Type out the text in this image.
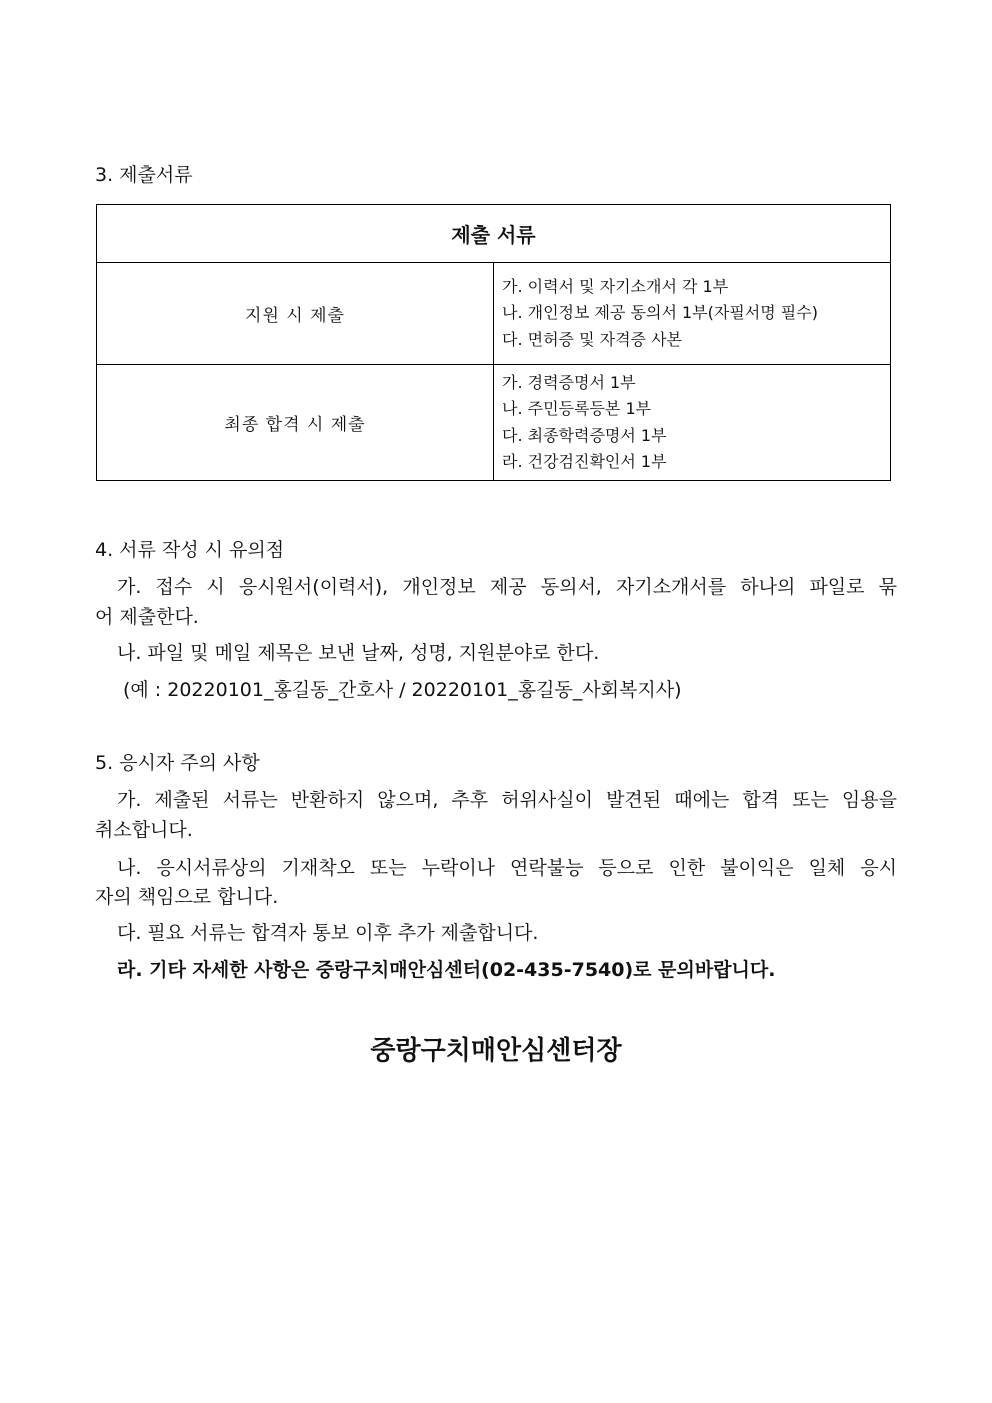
3. 제출서류
제출 서류	
지원 시 제출	가. 이력서 및 자기소개서 각 1부
나. 개인정보 제공 동의서 1부(자필서명 필수)
다. 면허증 및 자격증 사본

최종 합격 시 제출	가. 경력증명서 1부
나. 주민등록등본 1부
다. 최종학력증명서 1부
라. 건강검진확인서 1부
4. 서류 작성 시 유의점
가. 접수 시 응시원서(이력서), 개인정보 제공 동의서, 자기소개서를 하나의 파일로 묶
어 제출한다.
나. 파일 및 메일 제목은 보낸 날짜, 성명, 지원분야로 한다.
(예 : 20220101_홍길동_간호사 / 20220101_홍길동_사회복지사)
5. 응시자 주의 사항
가. 제출된 서류는 반환하지 않으며, 추후 허위사실이 발견된 때에는 합격 또는 임용을
취소합니다.
나. 응시서류상의 기재착오 또는 누락이나 연락불능 등으로 인한 불이익은 일체 응시
자의 책임으로 합니다.
다. 필요 서류는 합격자 통보 이후 추가 제출합니다.
라. 기타 자세한 사항은 중랑구치매안심센터(02-435-7540)로 문의바랍니다.
중랑구치매안심센터장
